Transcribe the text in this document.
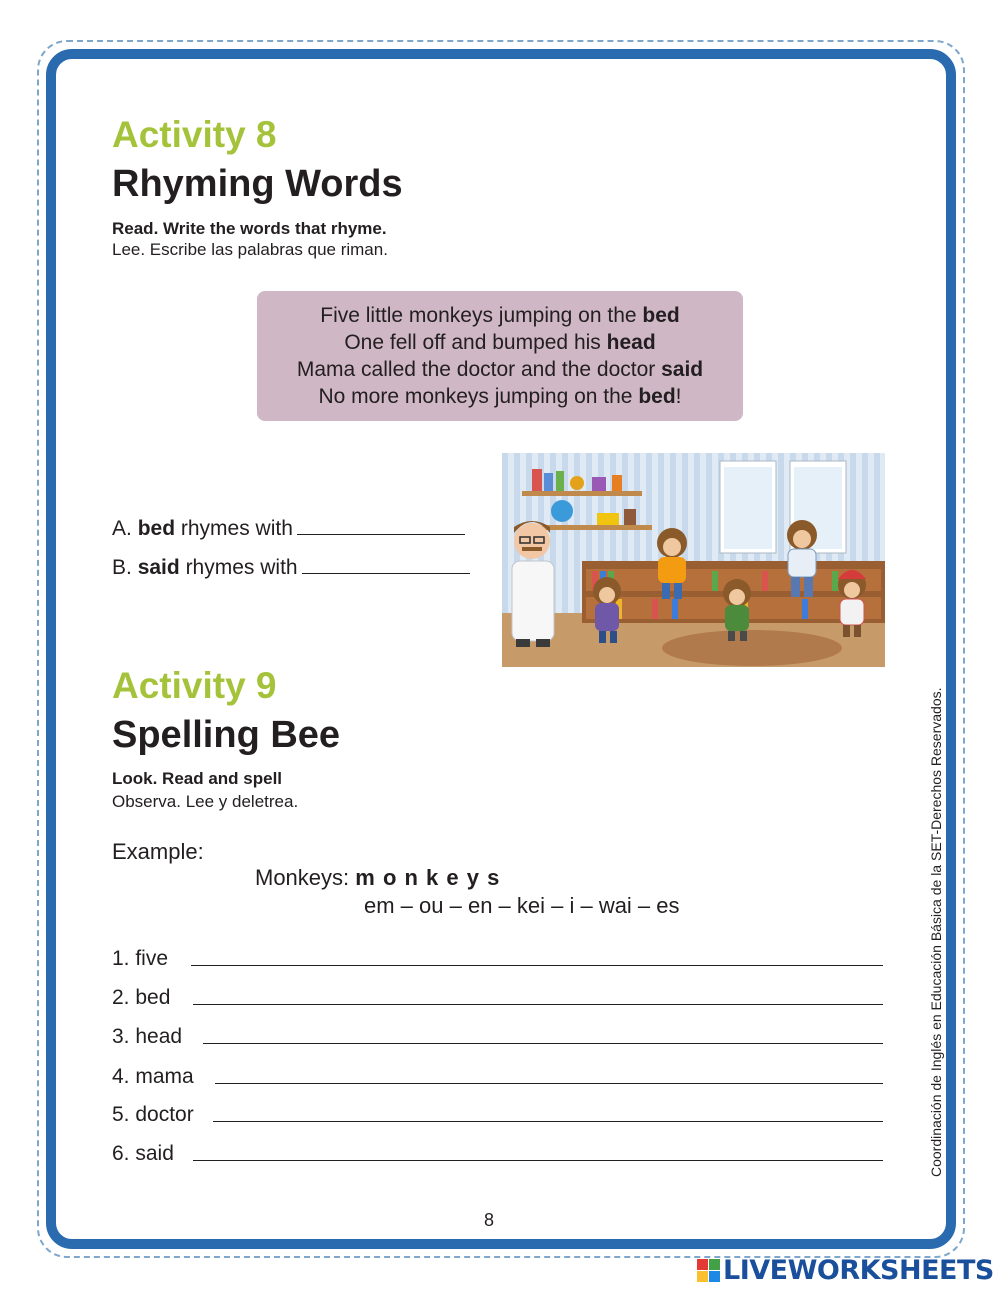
Activity 8
Rhyming Words
Read. Write the words that rhyme.
Lee. Escribe las palabras que riman.
Five little monkeys jumping on the bed
One fell off and bumped his head
Mama called the doctor and the doctor said
No more monkeys jumping on the bed!
A. bed rhymes with
B. said rhymes with
Activity 9
Spelling Bee
Look. Read and spell
Observa. Lee y deletrea.
Example:
Monkeys: m o n k e y s
em – ou – en – kei – i – wai – es
1. five
2. bed
3. head
4. mama
5. doctor
6. said	Coordinación de Inglés en Educación Básica de la SET-Derechos Reservados.
8
LIVEWORKSHEETS
